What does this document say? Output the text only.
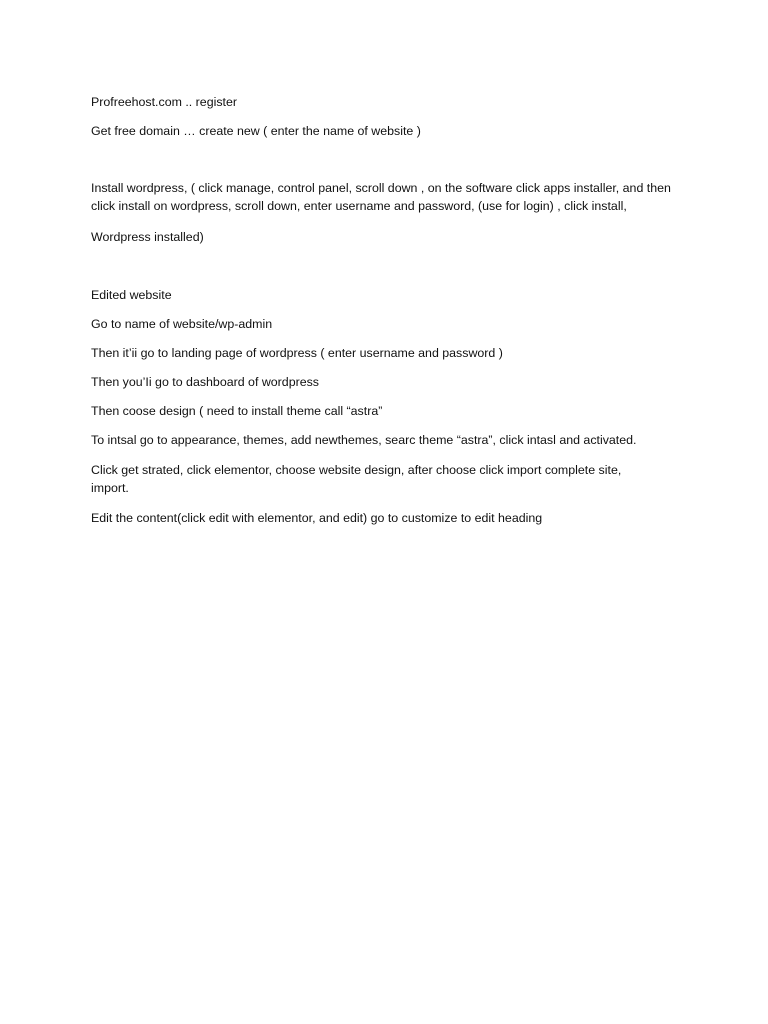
Profreehost.com .. register
Get free domain … create new ( enter the name of website )
Install wordpress, ( click manage, control panel, scroll down , on the software click apps installer, and then click install on wordpress, scroll down, enter username and password, (use for login) , click install,
Wordpress installed)
Edited website
Go to name of website/wp-admin
Then it’ii go to landing page of wordpress ( enter username and password )
Then you’Ii go to dashboard of wordpress
Then coose design ( need to install theme call “astra”
To intsal go to appearance, themes, add newthemes, searc theme “astra”, click intasl and activated.
Click get strated, click elementor, choose website design, after choose click import complete site, import.
Edit the content(click edit with elementor, and edit) go to customize to edit heading
